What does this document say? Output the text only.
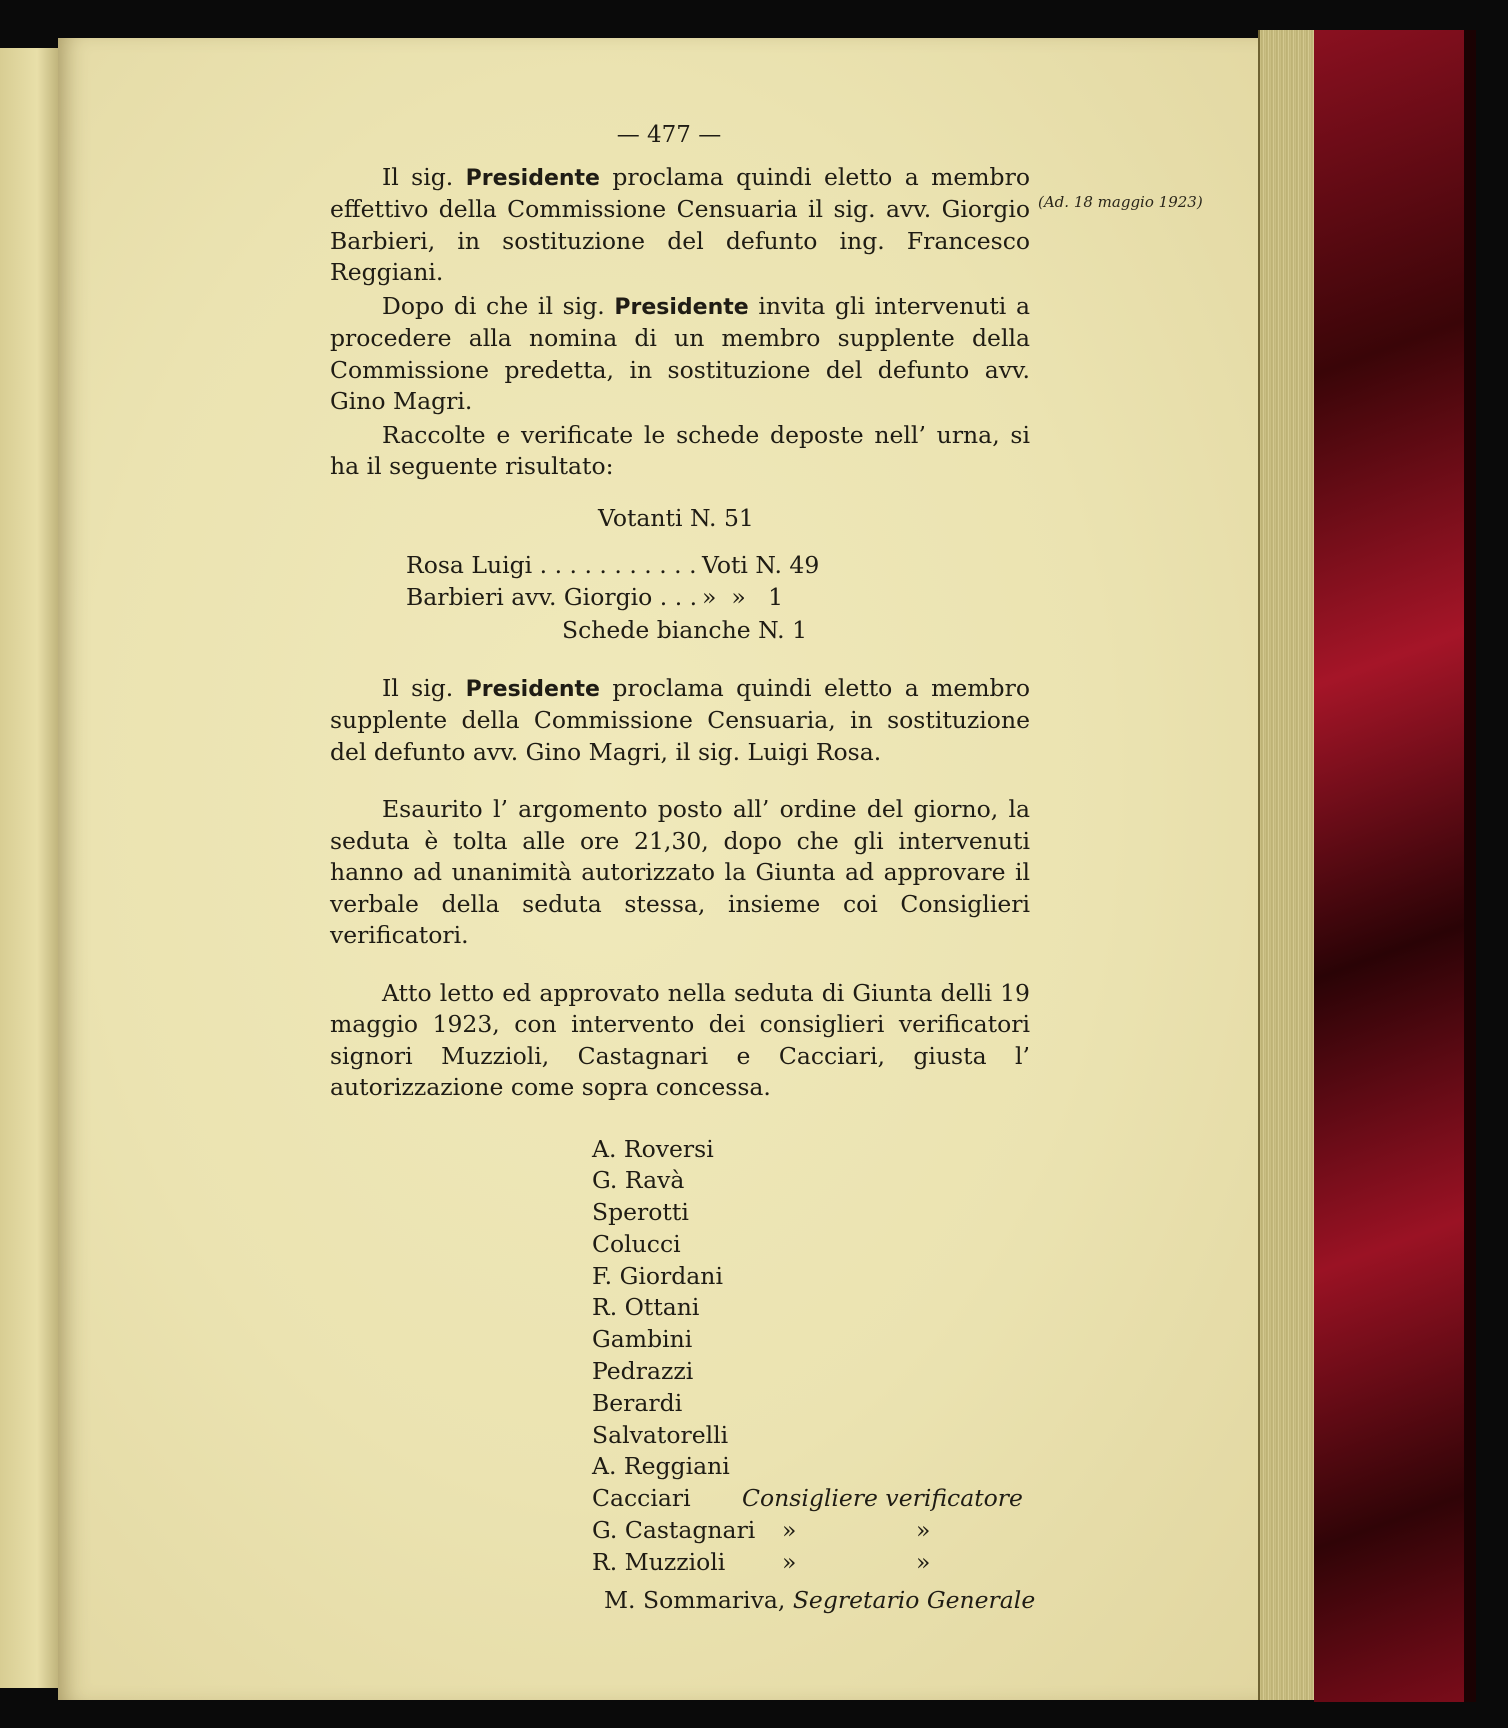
(Ad. 18 maggio 1923)
— 477 —

Il sig. Presidente proclama quindi eletto a membro effettivo della Commissione Censuaria il sig. avv. Giorgio Barbieri, in sostituzione del defunto ing. Francesco Reggiani.

Dopo di che il sig. Presidente invita gli intervenuti a procedere alla nomina di un membro supplente della Commissione predetta, in sostituzione del defunto avv. Gino Magri.

Raccolte e verificate le schede deposte nell’ urna, si ha il seguente risultato:

Votanti N. 51
Rosa Luigi . . .	Voti N. 49
Barbieri avv. Giorgio . . .	»  »   1
Schede bianche N. 1

Il sig. Presidente proclama quindi eletto a membro supplente della Commissione Censuaria, in sostituzione del defunto avv. Gino Magri, il sig. Luigi Rosa.

Esaurito l’ argomento posto all’ ordine del giorno, la seduta è tolta alle ore 21,30, dopo che gli intervenuti hanno ad unanimità autorizzato la Giunta ad approvare il verbale della seduta stessa, insieme coi Consiglieri verificatori.

Atto letto ed approvato nella seduta di Giunta delli 19 maggio 1923, con intervento dei consiglieri verificatori signori Muzzioli, Castagnari e Cacciari, giusta l’ autorizzazione come sopra concessa.

A. Roversi
G. Ravà
Sperotti
Colucci
F. Giordani
R. Ottani
Gambini
Pedrazzi
Berardi
Salvatorelli
A. Reggiani
Cacciari	Consigliere verificatore
G. Castagnari »	»
R. Muzzioli	»	»
M. Sommariva, Segretario Generale
